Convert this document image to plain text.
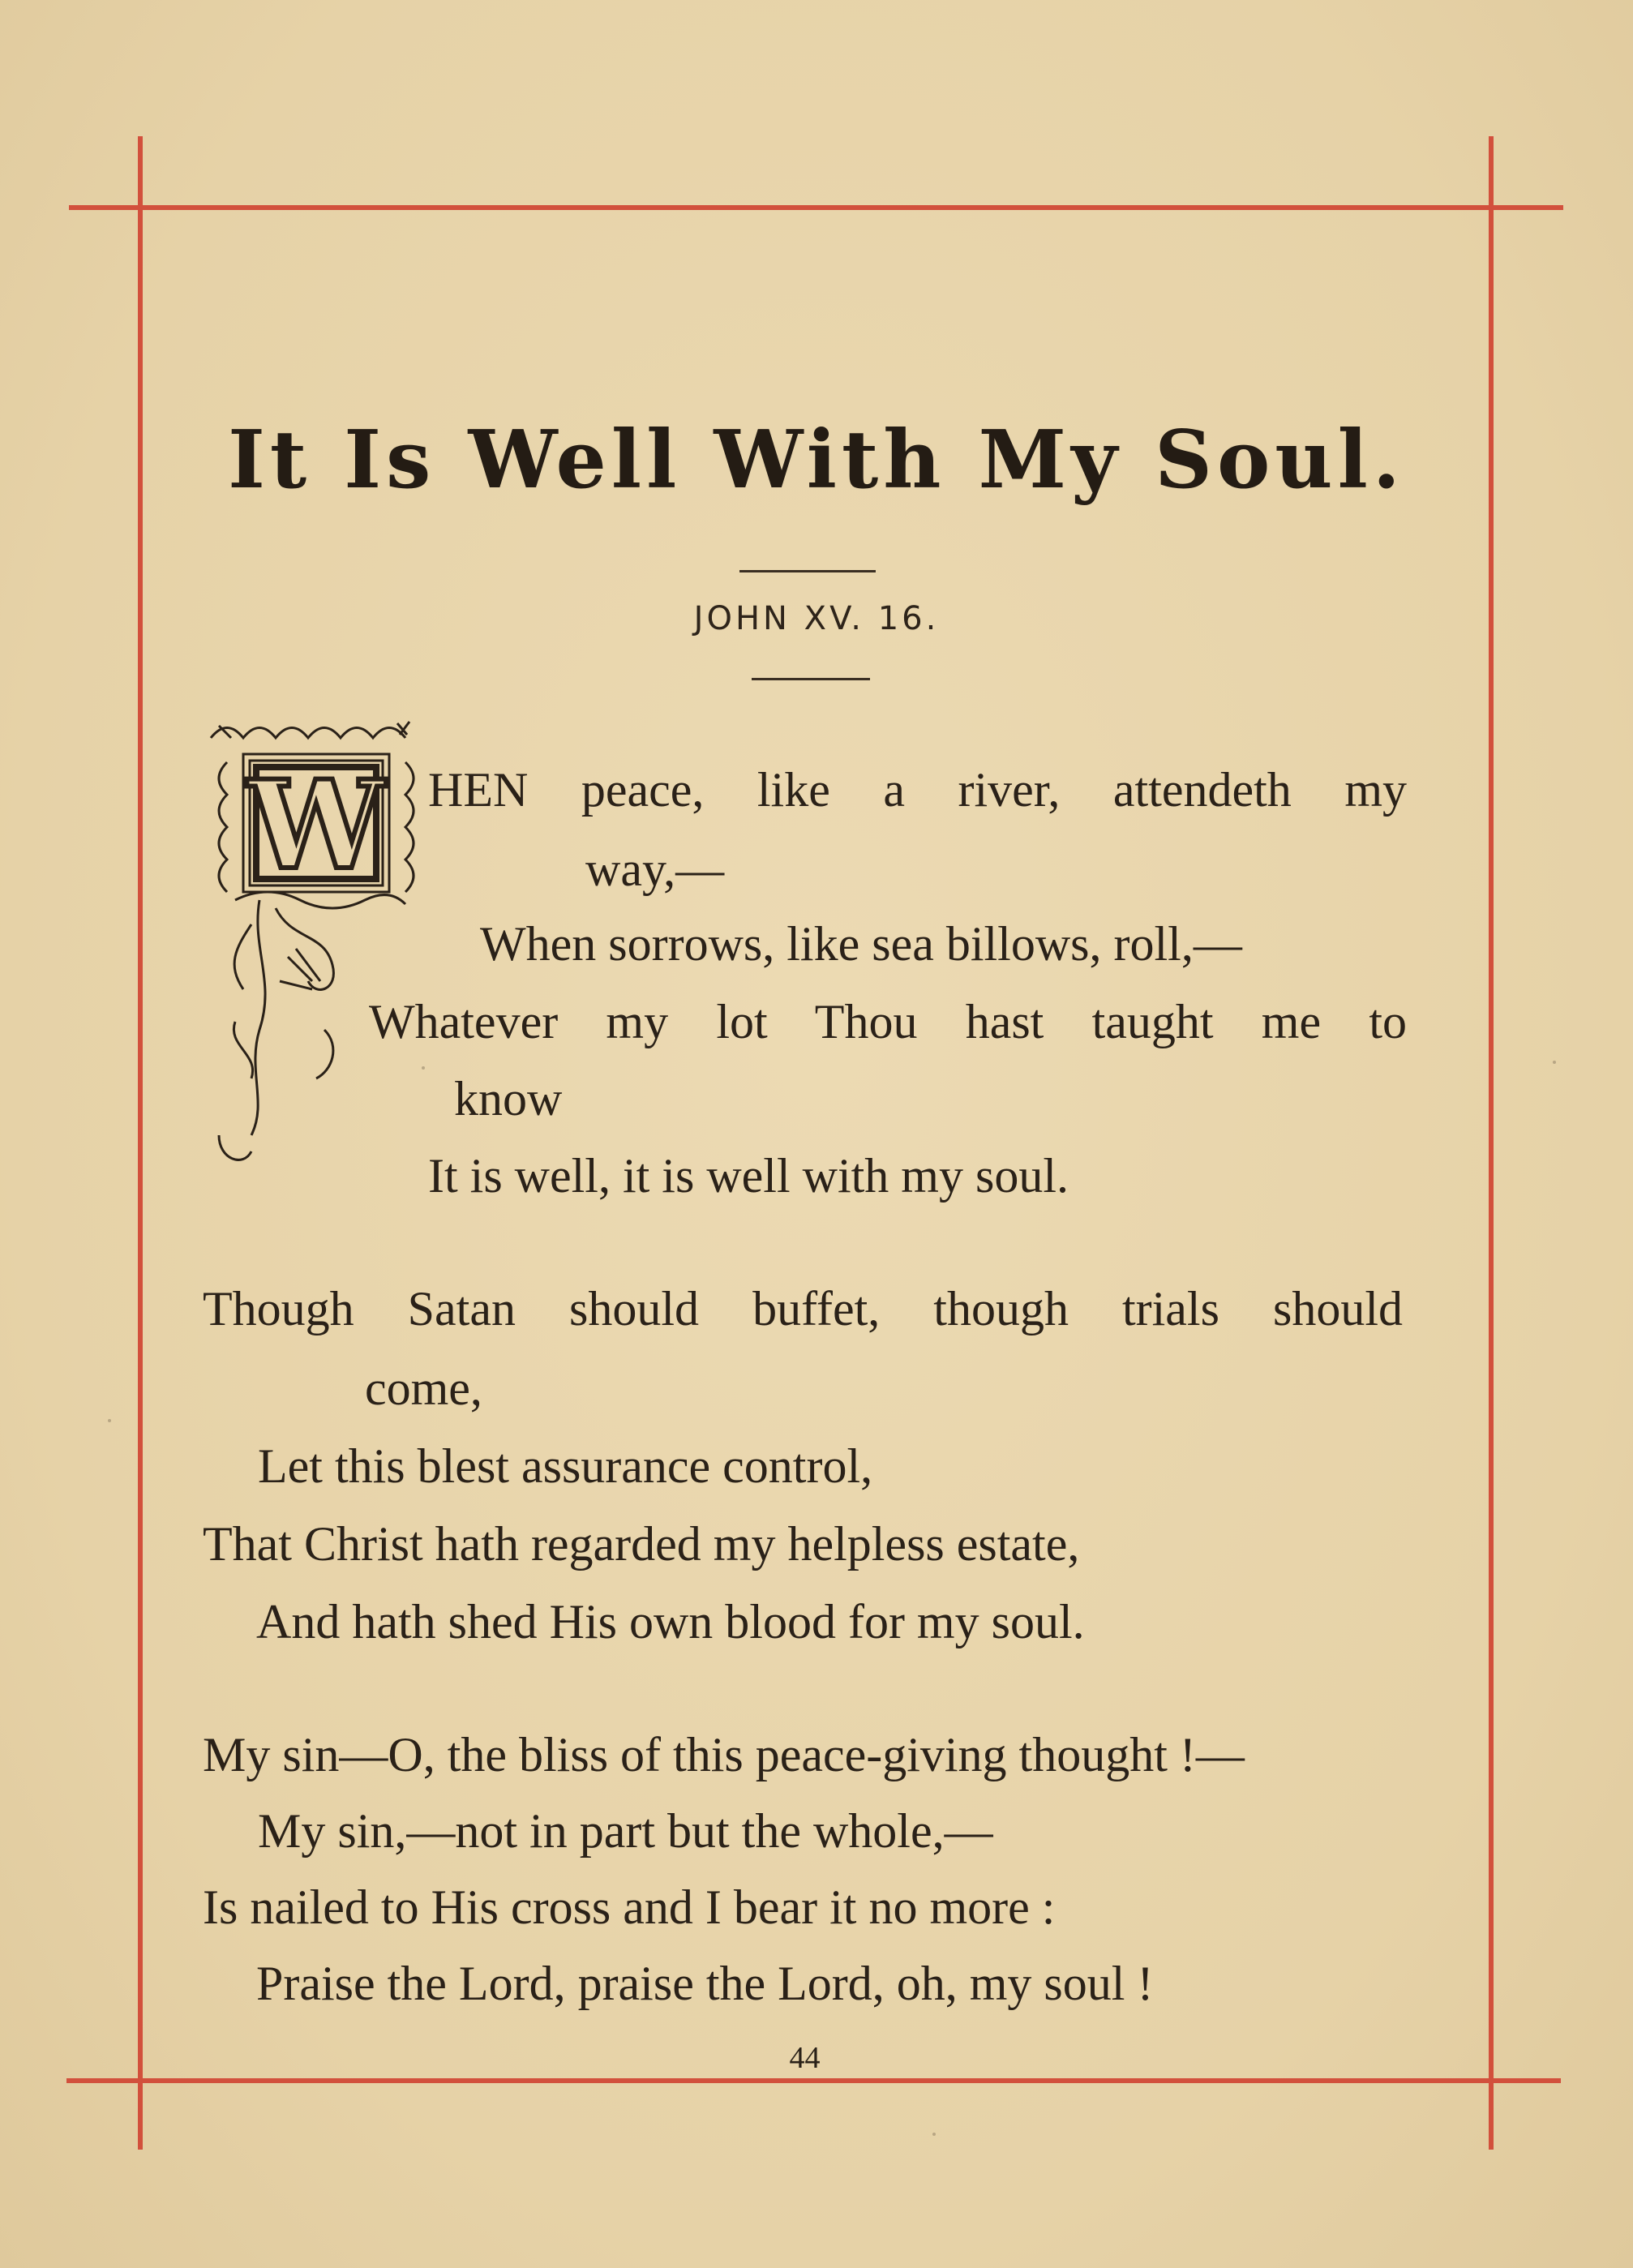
It Is Well With My Soul.
JOHN XV. 16.
W HEN peace, like a river, attendeth my
way,—
When sorrows, like sea billows, roll,—
Whatever my lot Thou hast taught me to
know
It is well, it is well with my soul.
Though Satan should buffet, though trials should
come,
Let this blest assurance control,
That Christ hath regarded my helpless estate,
And hath shed His own blood for my soul.
My sin—O, the bliss of this peace-giving thought !—
My sin,—not in part but the whole,—
Is nailed to His cross and I bear it no more :
Praise the Lord, praise the Lord, oh, my soul !
44
